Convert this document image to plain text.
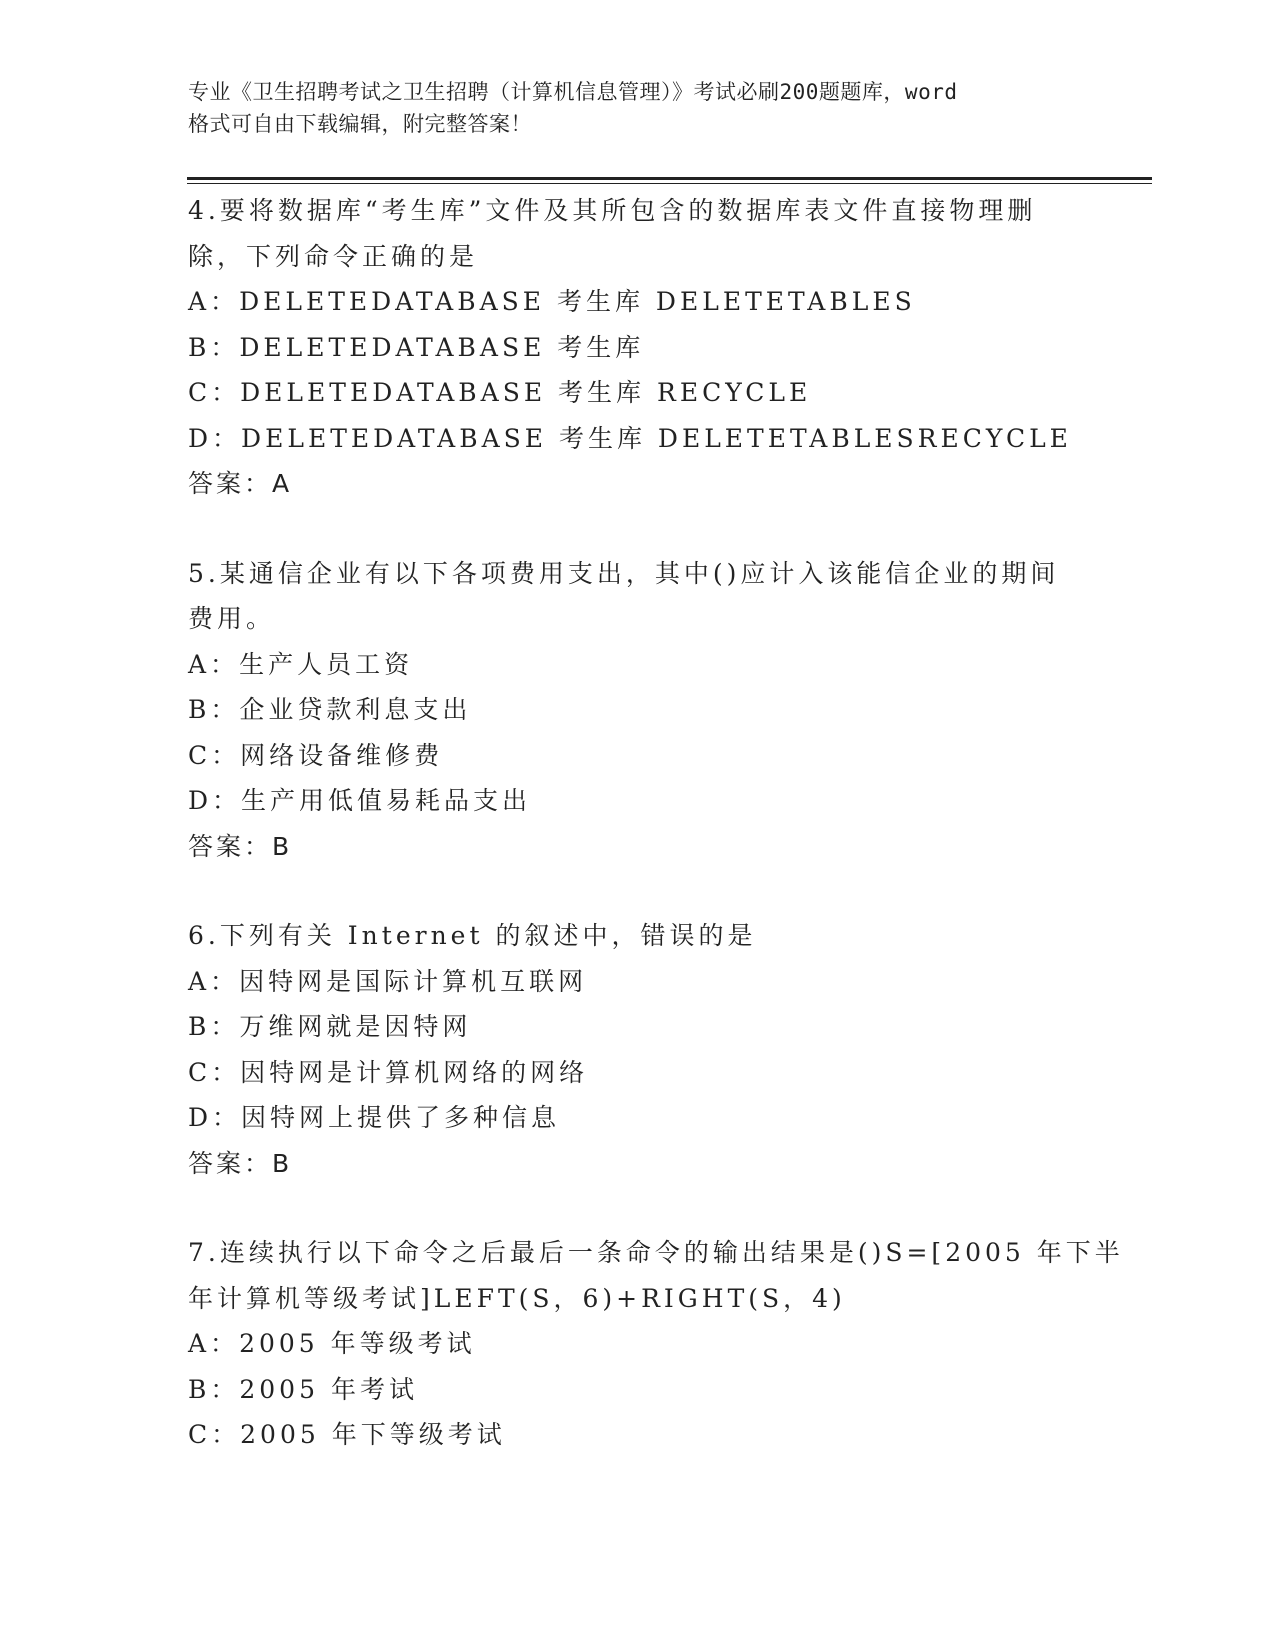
专业《卫生招聘考试之卫生招聘（计算机信息管理）》考试必刷200题题库，word
格式可自由下载编辑，附完整答案！
4.要将数据库“考生库”文件及其所包含的数据库表文件直接物理删
除，下列命令正确的是
A：DELETEDATABASE 考生库 DELETETABLES
B：DELETEDATABASE 考生库
C：DELETEDATABASE 考生库 RECYCLE
D：DELETEDATABASE 考生库 DELETETABLESRECYCLE
答案：A
5.某通信企业有以下各项费用支出，其中()应计入该能信企业的期间
费用。
A：生产人员工资
B：企业贷款利息支出
C：网络设备维修费
D：生产用低值易耗品支出
答案：B
6.下列有关 Internet 的叙述中，错误的是
A：因特网是国际计算机互联网
B：万维网就是因特网
C：因特网是计算机网络的网络
D：因特网上提供了多种信息
答案：B
7.连续执行以下命令之后最后一条命令的输出结果是()S=[2005 年下半
年计算机等级考试]LEFT(S，6)+RIGHT(S，4)
A：2005 年等级考试
B：2005 年考试
C：2005 年下等级考试
